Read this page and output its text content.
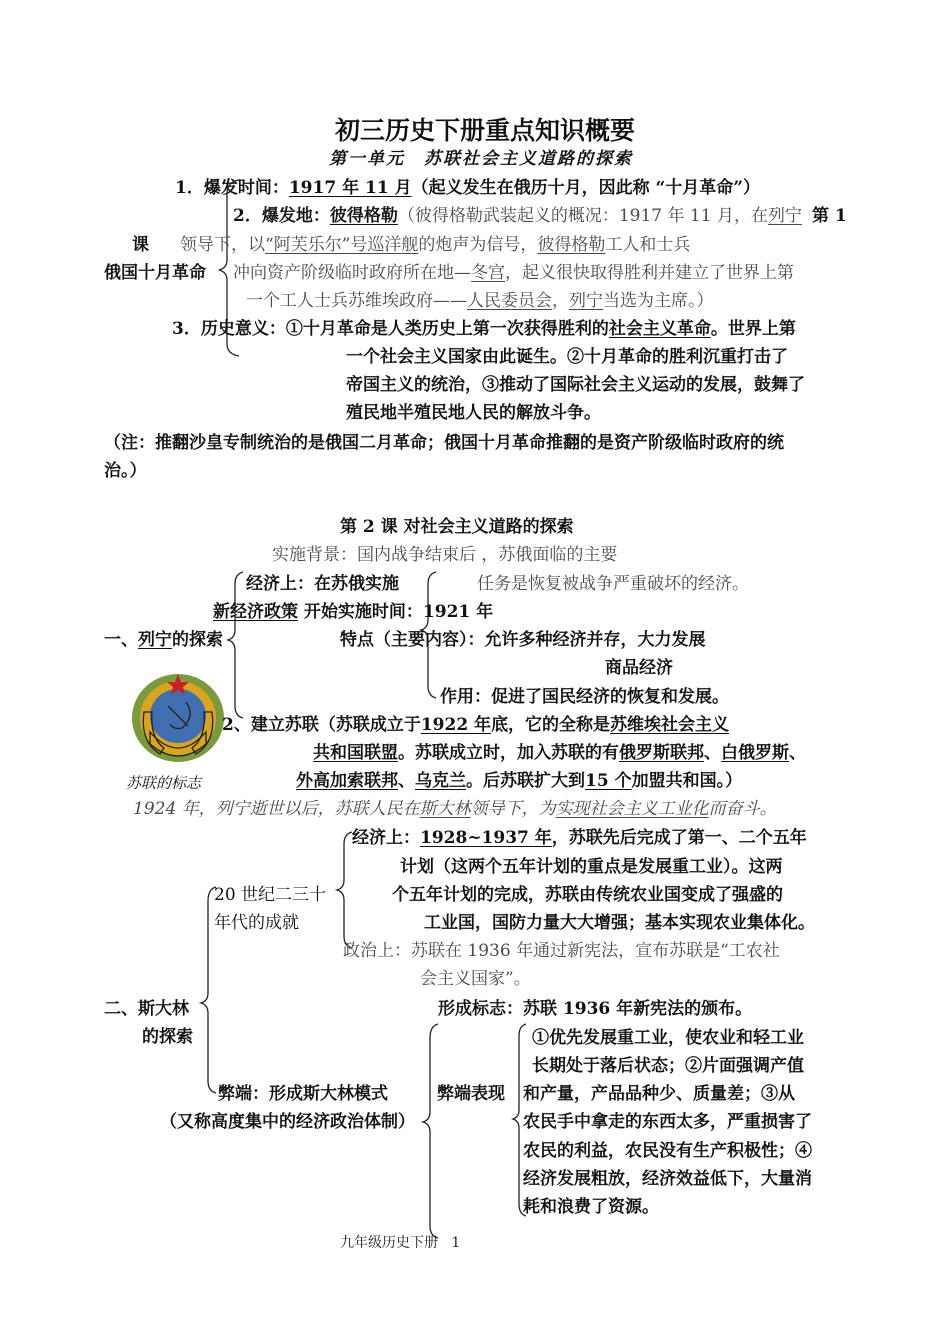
初三历史下册重点知识概要
第一单元　苏联社会主义道路的探索
第 1
课
俄国十月革命
1．爆发时间：1917 年 11 月（起义发生在俄历十月，因此称 “十月革命”）
2．爆发地：彼得格勒（彼得格勒武装起义的概况：1917 年 11 月，在列宁
领导下，以“阿芙乐尔”号巡洋舰的炮声为信号，彼得格勒工人和士兵
冲向资产阶级临时政府所在地—冬宫，起义很快取得胜利并建立了世界上第
一个工人士兵苏维埃政府——人民委员会，列宁当选为主席。）
3．历史意义：①十月革命是人类历史上第一次获得胜利的社会主义革命。世界上第
一个社会主义国家由此诞生。②十月革命的胜利沉重打击了
帝国主义的统治，③推动了国际社会主义运动的发展，鼓舞了
殖民地半殖民地人民的解放斗争。
（注：推翻沙皇专制统治的是俄国二月革命；俄国十月革命推翻的是资产阶级临时政府的统
治。）
第 2 课 对社会主义道路的探索
实施背景：国内战争结束后 ，苏俄面临的主要
经济上：在苏俄实施	任务是恢复被战争严重破坏的经济。
新经济政策 开始实施时间：1921 年
一、列宁的探索	特点（主要内容）：允许多种经济并存，大力发展
商品经济
作用：促进了国民经济的恢复和发展。
苏联的标志
2、建立苏联（苏联成立于1922 年底，它的全称是苏维埃社会主义
共和国联盟。苏联成立时，加入苏联的有俄罗斯联邦、白俄罗斯、
外高加索联邦、乌克兰。后苏联扩大到15 个加盟共和国。）
1924 年，列宁逝世以后，苏联人民在斯大林领导下，为实现社会主义工业化而奋斗。
经济上：1928~1937 年，苏联先后完成了第一、二个五年
计划（这两个五年计划的重点是发展重工业）。这两
个五年计划的完成，苏联由传统农业国变成了强盛的
工业国，国防力量大大增强；基本实现农业集体化。
20 世纪二三十
年代的成就
政治上：苏联在 1936 年通过新宪法，宣布苏联是“工农社
会主义国家”。
二、斯大林
的探索
形成标志：苏联 1936 年新宪法的颁布。
弊端：形成斯大林模式
（又称高度集中的经济政治体制）
弊端表现
①优先发展重工业，使农业和轻工业
长期处于落后状态；②片面强调产值
和产量，产品品种少、质量差；③从
农民手中拿走的东西太多，严重损害了
农民的利益，农民没有生产积极性；④
经济发展粗放，经济效益低下，大量消
耗和浪费了资源。
九年级历史下册 1
